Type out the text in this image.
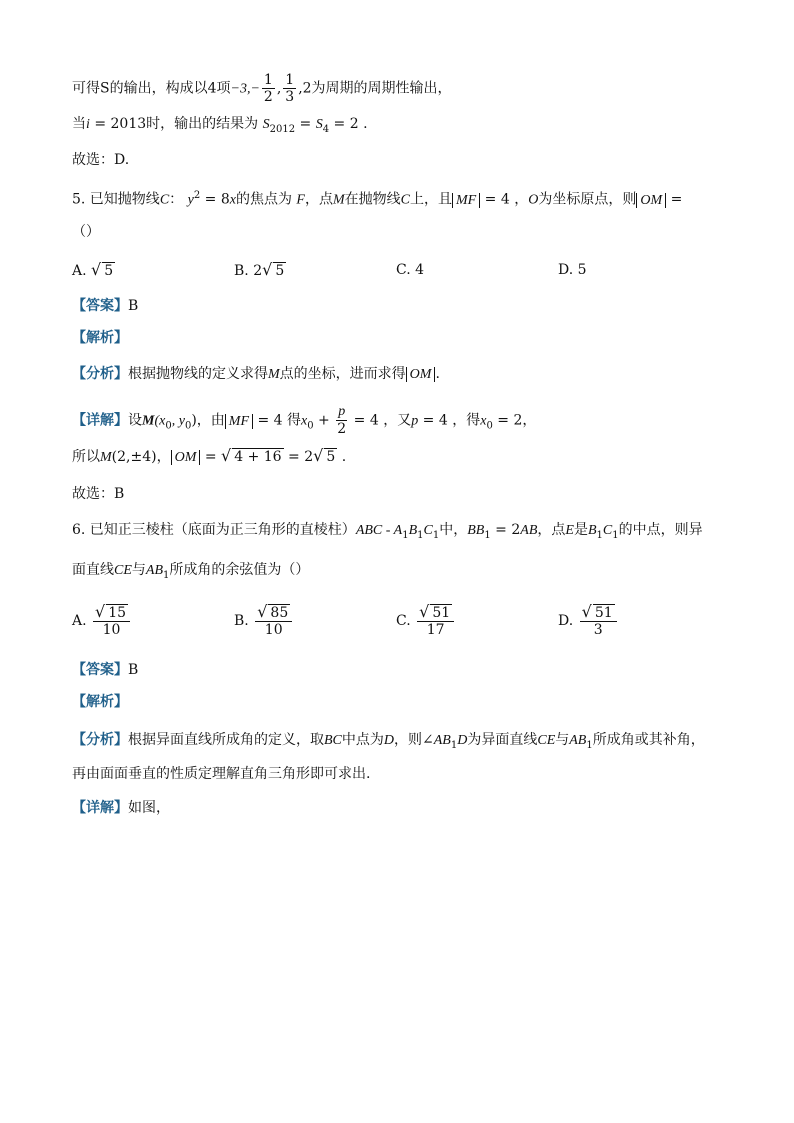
可得S的输出，构成以4项$-3,- \frac{1}{2}$ , $\frac{1}{3} ,2$为周期的周期性输出，
当i = 2013时，输出的结果为 $S_{2012} = S_4 = 2$ .
故选：D.
5. 已知抛物线C： $y^2 = 8x$的焦点为 F，点M在抛物线C上，且 MF = 4 ，O为坐标原点，则 OM =
（）
A. √ 5	B. 2√ 5	C. 4	D. 5
【答案】B
【解析】
【分析】根据抛物线的定义求得M点的坐标，进而求得 OM .
【详解】设$M(x_0$, $y_0$)，由 MF = 4 得$x_0 + \frac{p}{2} = 4$ ，又p = 4 ，得$x_0 = 2$，
所以M(2,±4)， OM = √ 4 + 16 = 2√ 5 .
故选：B
6. 已知正三棱柱（底面为正三角形的直棱柱）$ABC - A_1B_1C_1$中，$BB_1 = 2AB$，点E是$B_1C_1$的中点，则异
面直线CE与$AB_1$所成角的余弦值为（）
A. $\frac{√ 15}{10}$	B. $\frac{√ 85}{10}$	C. $\frac{√ 51}{17}$	D. $\frac{√ 51}{3}$
【答案】B
【解析】
【分析】根据异面直线所成角的定义，取BC中点为D，则$\angle AB_1D$为异面直线CE与$AB_1$所成角或其补角，
再由面面垂直的性质定理解直角三角形即可求出.
【详解】如图，
